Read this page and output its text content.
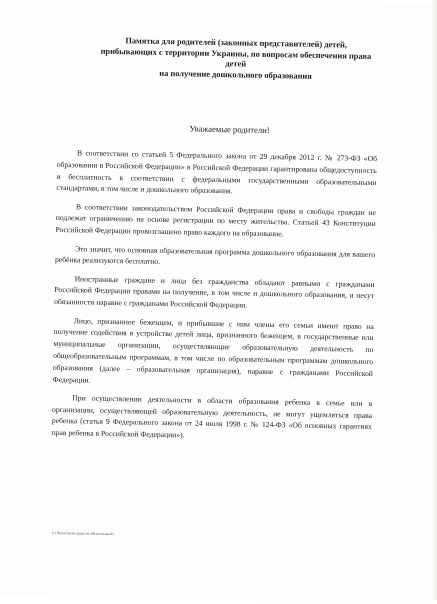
Памятка для родителей (законных представителей) детей,
прибывающих с территории Украины, по вопросам обеспечения права детей
на получение дошкольного образования
Уважаемые родители!

В соответствии со статьей 5 Федерального закона от 29 декабря 2012 г. № 273-ФЗ «Об образовании в Российской Федерации» в Российской Федерации гарантирована общедоступность и бесплатность в соответствии с федеральными государственными образовательными стандартами, в том числе и дошкольного образования.

В соответствии законодательством Российской Федерации права и свободы граждан не подлежат ограничению на основе регистрации по месту жительства. Статьей 43 Конституции Российской Федерации провозглашено право каждого на образование.

Это значит, что основная образовательная программа дошкольного образования для вашего ребёнка реализуются бесплатно.

Иностранные граждане и лица без гражданства обладают равными с гражданами Российской Федерации правами на получение, в том числе и дошкольного образования, и несут обязанности наравне с гражданами Российской Федерации.

Лицо, признанное беженцем, и прибывшие с ним члены его семьи имеют право на получение содействия в устройстве детей лица, признанного беженцем, в государственные или муниципальные организации, осуществляющие образовательную деятельность по общеобразовательным программам, в том числе по образовательным программам дошкольного образования (далее – образовательная организация), наравне с гражданами Российской Федерации.

При осуществлении деятельности в области образования ребенка в семье или в организации, осуществляющей образовательную деятельность, не могут ущемляться права ребенка (статья 9 Федерального закона от 24 июля 1998 г. № 124-ФЗ «Об основных гарантиях прав ребенка в Российской Федерации»).

(с) Подсолнухи права не обязательны-02
